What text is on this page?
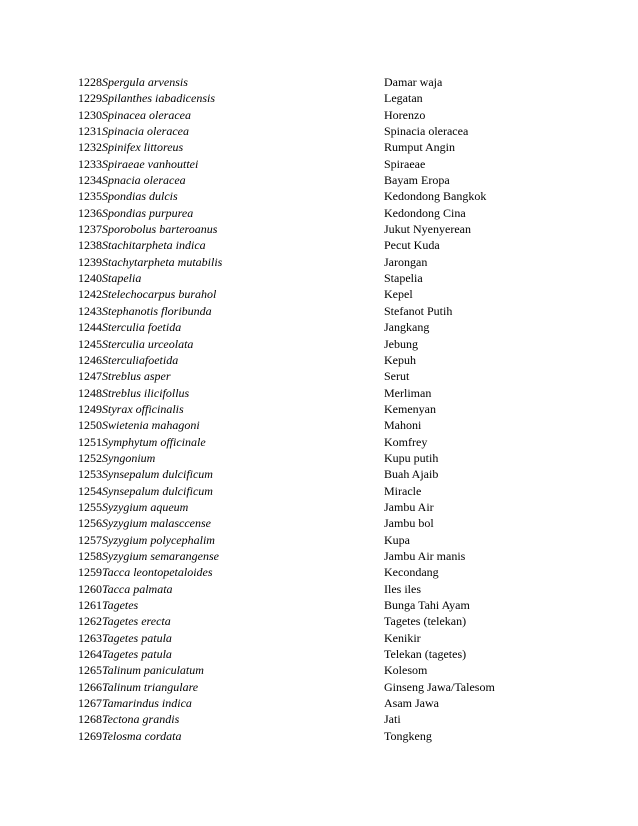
1228Spergula arvensis	Damar waja
1229Spilanthes iabadicensis	Legatan
1230Spinacea oleracea	Horenzo
1231Spinacia oleracea	Spinacia oleracea
1232Spinifex littoreus	Rumput Angin
1233Spiraeae vanhouttei	Spiraeae
1234Spnacia oleracea	Bayam Eropa
1235Spondias dulcis	Kedondong Bangkok
1236Spondias purpurea	Kedondong Cina
1237Sporobolus barteroanus	Jukut Nyenyerean
1238Stachitarpheta indica	Pecut Kuda
1239Stachytarpheta mutabilis	Jarongan
1240Stapelia	Stapelia
1242Stelechocarpus burahol	Kepel
1243Stephanotis floribunda	Stefanot Putih
1244Sterculia foetida	Jangkang
1245Sterculia urceolata	Jebung
1246Sterculiafoetida	Kepuh
1247Streblus asper	Serut
1248Streblus ilicifollus	Merliman
1249Styrax officinalis	Kemenyan
1250Swietenia mahagoni	Mahoni
1251Symphytum officinale	Komfrey
1252Syngonium	Kupu putih
1253Synsepalum dulcificum	Buah Ajaib
1254Synsepalum dulcificum	Miracle
1255Syzygium aqueum	Jambu Air
1256Syzygium malasccense	Jambu bol
1257Syzygium polycephalim	Kupa
1258Syzygium semarangense	Jambu Air manis
1259Tacca leontopetaloides	Kecondang
1260Tacca palmata	Iles iles
1261Tagetes	Bunga Tahi Ayam
1262Tagetes erecta	Tagetes (telekan)
1263Tagetes patula	Kenikir
1264Tagetes patula	Telekan (tagetes)
1265Talinum paniculatum	Kolesom
1266Talinum triangulare	Ginseng Jawa/Talesom
1267Tamarindus indica	Asam Jawa
1268Tectona grandis	Jati
1269Telosma cordata	Tongkeng
